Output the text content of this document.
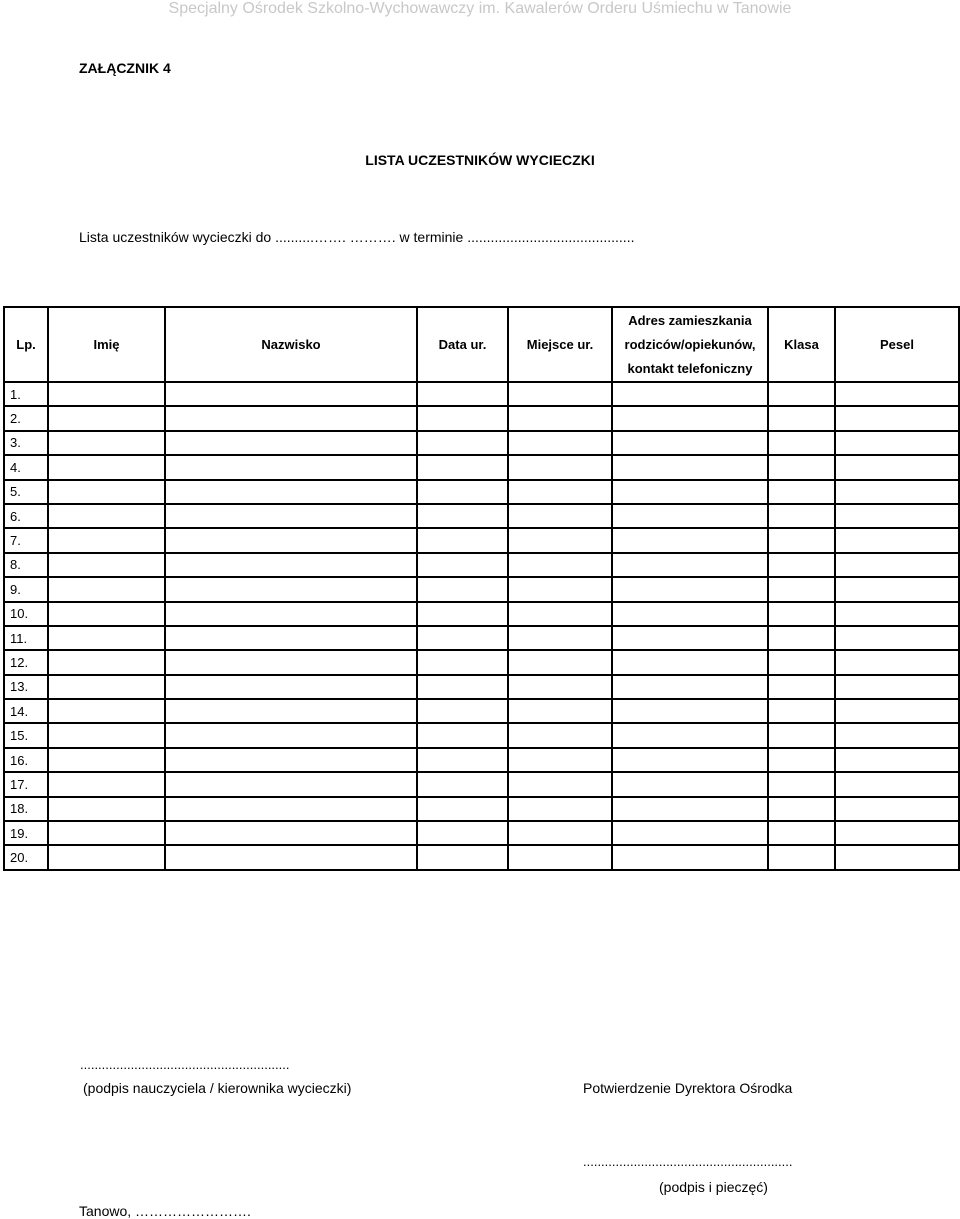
Specjalny Ośrodek Szkolno-Wychowawczy im. Kawalerów Orderu Uśmiechu w Tanowie
ZAŁĄCZNIK 4
LISTA UCZESTNIKÓW WYCIECZKI
Lista uczestników wycieczki do ..........……. ………. w terminie ...........................................
Lp.	Imię	Nazwisko	Data ur.	Miejsce ur.	Adres zamieszkania
rodziców/opiekunów,
kontakt telefoniczny	Klasa	Pesel
1.							
2.							
3.							
4.							
5.							
6.							
7.							
8.							
9.							
10.							
11.							
12.							
13.							
14.							
15.							
16.							
17.							
18.							
19.							
20.							
..........................................................
(podpis nauczyciela / kierownika wycieczki)	Potwierdzenie Dyrektora Ośrodka
..........................................................
(podpis i pieczęć)
Tanowo, …………………….
